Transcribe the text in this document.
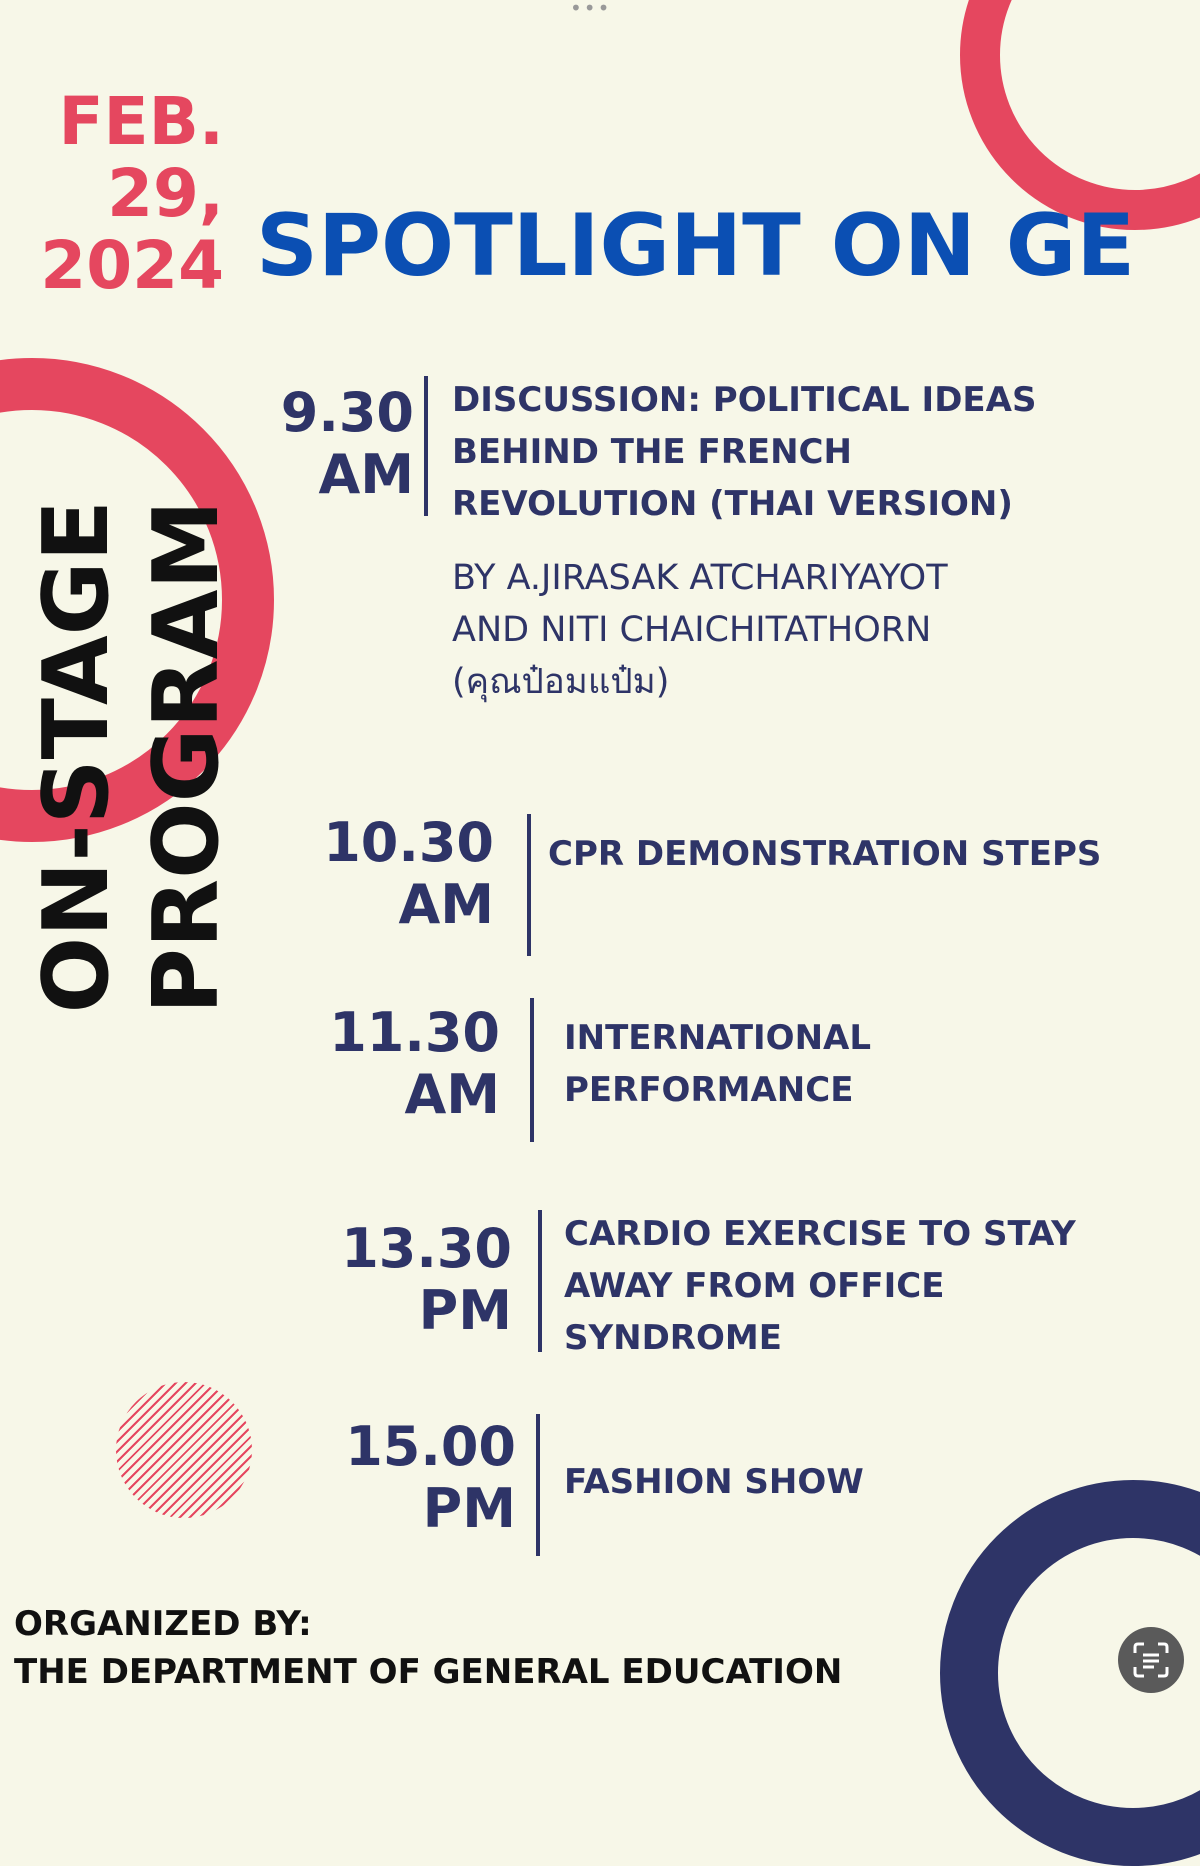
•••
FEB.
29,
2024 SPOTLIGHT ON GE
ON-STAGE PROGRAM
9.30
AM
DISCUSSION: POLITICAL IDEAS
BEHIND THE FRENCH
REVOLUTION (THAI VERSION)
BY A.JIRASAK ATCHARIYAYOT
AND NITI CHAICHITATHORN
(คุณป๋อมแป๋ม)
10.30
AM
CPR DEMONSTRATION STEPS
11.30
AM
INTERNATIONAL
PERFORMANCE
13.30
PM
CARDIO EXERCISE TO STAY
AWAY FROM OFFICE
SYNDROME
15.00
PM FASHION SHOW
ORGANIZED BY:
THE DEPARTMENT OF GENERAL EDUCATION
